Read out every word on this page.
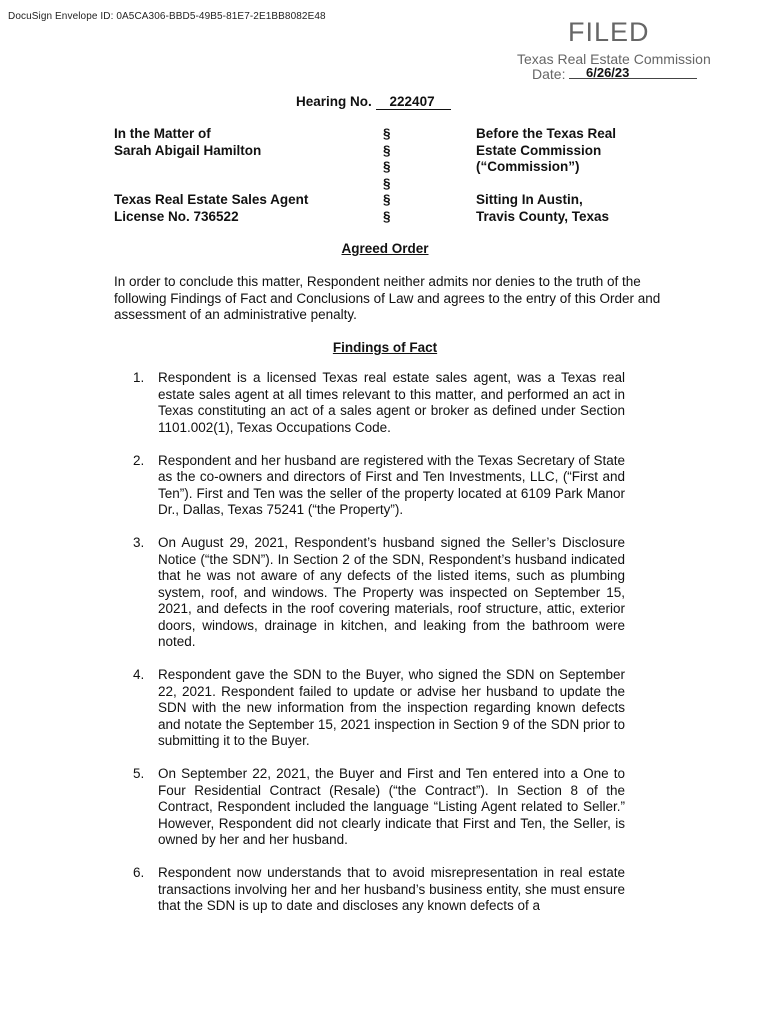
DocuSign Envelope ID: 0A5CA306-BBD5-49B5-81E7-2E1BB8082E48
FILED
Texas Real Estate Commission
Date:	6/26/23
Hearing No. 222407
In the Matter of
Sarah Abigail Hamilton
Texas Real Estate Sales Agent
License No. 736522
§
§
§
§
§
§
Before the Texas Real
Estate Commission
(“Commission”)
Sitting In Austin,
Travis County, Texas
Agreed Order
In order to conclude this matter, Respondent neither admits nor denies to the truth of the following Findings of Fact and Conclusions of Law and agrees to the entry of this Order and assessment of an administrative penalty.
Findings of Fact
1. Respondent is a licensed Texas real estate sales agent, was a Texas real estate sales agent at all times relevant to this matter, and performed an act in Texas constituting an act of a sales agent or broker as defined under Section 1101.002(1), Texas Occupations Code.
2. Respondent and her husband are registered with the Texas Secretary of State as the co-owners and directors of First and Ten Investments, LLC, (“First and Ten”). First and Ten was the seller of the property located at 6109 Park Manor Dr., Dallas, Texas 75241 (“the Property”).
3. On August 29, 2021, Respondent’s husband signed the Seller’s Disclosure Notice (“the SDN”). In Section 2 of the SDN, Respondent’s husband indicated that he was not aware of any defects of the listed items, such as plumbing system, roof, and windows. The Property was inspected on September 15, 2021, and defects in the roof covering materials, roof structure, attic, exterior doors, windows, drainage in kitchen, and leaking from the bathroom were noted.
4. Respondent gave the SDN to the Buyer, who signed the SDN on September 22, 2021. Respondent failed to update or advise her husband to update the SDN with the new information from the inspection regarding known defects and notate the September 15, 2021 inspection in Section 9 of the SDN prior to submitting it to the Buyer.
5. On September 22, 2021, the Buyer and First and Ten entered into a One to Four Residential Contract (Resale) (“the Contract”). In Section 8 of the Contract, Respondent included the language “Listing Agent related to Seller.” However, Respondent did not clearly indicate that First and Ten, the Seller, is owned by her and her husband.
6. Respondent now understands that to avoid misrepresentation in real estate transactions involving her and her husband’s business entity, she must ensure that the SDN is up to date and discloses any known defects of a
